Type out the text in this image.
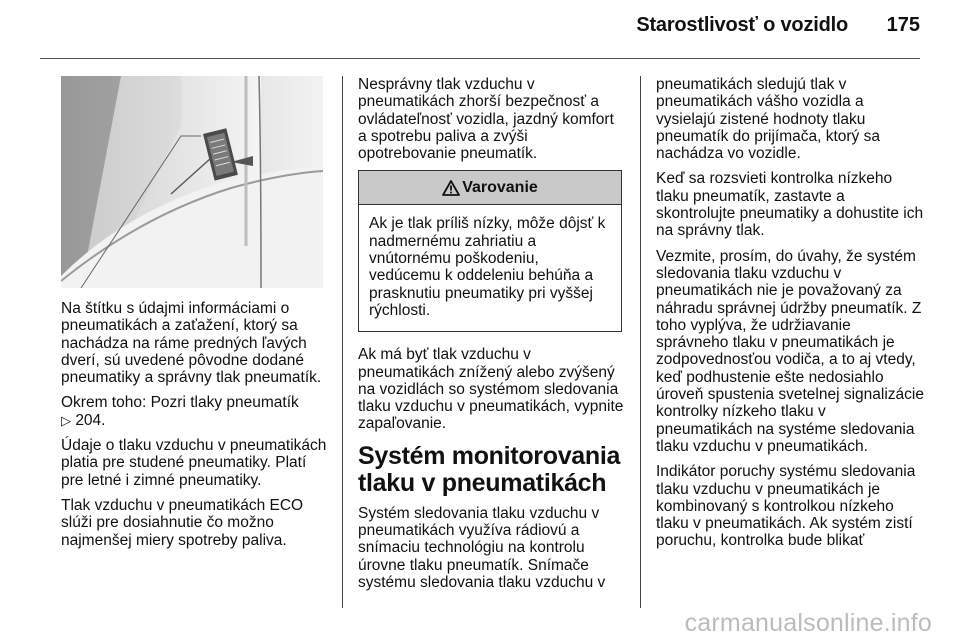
Starostlivosť o vozidlo 175

Na štítku s údajmi informáciami o pneumatikách a zaťažení, ktorý sa nachádza na ráme predných ľavých dverí, sú uvedené pôvodne dodané pneumatiky a správny tlak pneumatík.

Okrem toho: Pozri tlaky pneumatík
▷ 204.

Údaje o tlaku vzduchu v pneumatikách platia pre studené pneumatiky. Platí pre letné i zimné pneumatiky.

Tlak vzduchu v pneumatikách ECO slúži pre dosiahnutie čo možno najmenšej miery spotreby paliva.

Nesprávny tlak vzduchu v pneumatikách zhorší bezpečnosť a ovládateľnosť vozidla, jazdný komfort a spotrebu paliva a zvýši opotrebovanie pneumatík.

Varovanie
Ak je tlak príliš nízky, môže dôjsť k nadmernému zahriatiu a vnútornému poškodeniu, vedúcemu k oddeleniu behúňa a prasknutiu pneumatiky pri vyššej rýchlosti.

Ak má byť tlak vzduchu v pneumatikách znížený alebo zvýšený na vozidlách so systémom sledovania tlaku vzduchu v pneumatikách, vypnite zapaľovanie.

Systém monitorovania tlaku v pneumatikách

Systém sledovania tlaku vzduchu v pneumatikách využíva rádiovú a snímaciu technológiu na kontrolu úrovne tlaku pneumatík. Snímače systému sledovania tlaku vzduchu v

pneumatikách sledujú tlak v pneumatikách vášho vozidla a vysielajú zistené hodnoty tlaku pneumatík do prijímača, ktorý sa nachádza vo vozidle.

Keď sa rozsvieti kontrolka nízkeho tlaku pneumatík, zastavte a skontrolujte pneumatiky a dohustite ich na správny tlak.

Vezmite, prosím, do úvahy, že systém sledovania tlaku vzduchu v pneumatikách nie je považovaný za náhradu správnej údržby pneumatík. Z toho vyplýva, že udržiavanie správneho tlaku v pneumatikách je zodpovednosťou vodiča, a to aj vtedy, keď podhustenie ešte nedosiahlo úroveň spustenia svetelnej signalizácie kontrolky nízkeho tlaku v pneumatikách na systéme sledovania tlaku vzduchu v pneumatikách.

Indikátor poruchy systému sledovania tlaku vzduchu v pneumatikách je kombinovaný s kontrolkou nízkeho tlaku v pneumatikách. Ak systém zistí poruchu, kontrolka bude blikať

carmanualsonline.info
